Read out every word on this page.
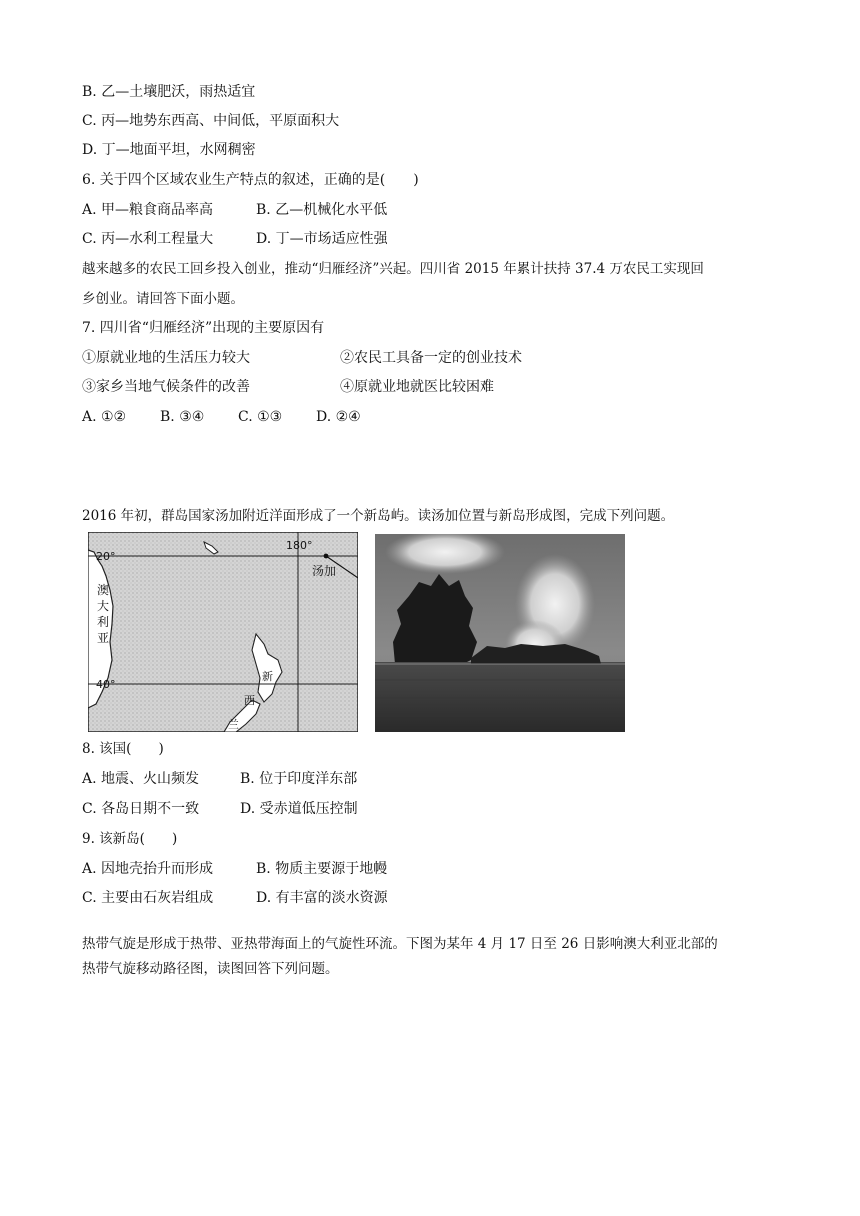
B. 乙—土壤肥沃，雨热适宜
C. 丙—地势东西高、中间低，平原面积大
D. 丁—地面平坦，水网稠密
6. 关于四个区域农业生产特点的叙述，正确的是(　　)
A. 甲—粮食商品率高	B. 乙—机械化水平低
C. 丙—水利工程量大	D. 丁—市场适应性强
越来越多的农民工回乡投入创业，推动“归雁经济”兴起。四川省 2015 年累计扶持 37.4 万农民工实现回
乡创业。请回答下面小题。
7. 四川省“归雁经济”出现的主要原因有
①原就业地的生活压力较大	②农民工具备一定的创业技术
③家乡当地气候条件的改善	④原就业地就医比较困难
A. ①② B. ③④ C. ①③ D. ②④
2016 年初，群岛国家汤加附近洋面形成了一个新岛屿。读汤加位置与新岛形成图，完成下列问题。
20°
40°
180°
汤加
澳
大
利
亚
新
西
兰
8. 该国(　　)
A. 地震、火山频发	B. 位于印度洋东部
C. 各岛日期不一致	D. 受赤道低压控制
9. 该新岛(　　)
A. 因地壳抬升而形成	B. 物质主要源于地幔
C. 主要由石灰岩组成	D. 有丰富的淡水资源
热带气旋是形成于热带、亚热带海面上的气旋性环流。下图为某年 4 月 17 日至 26 日影响澳大利亚北部的
热带气旋移动路径图，读图回答下列问题。
